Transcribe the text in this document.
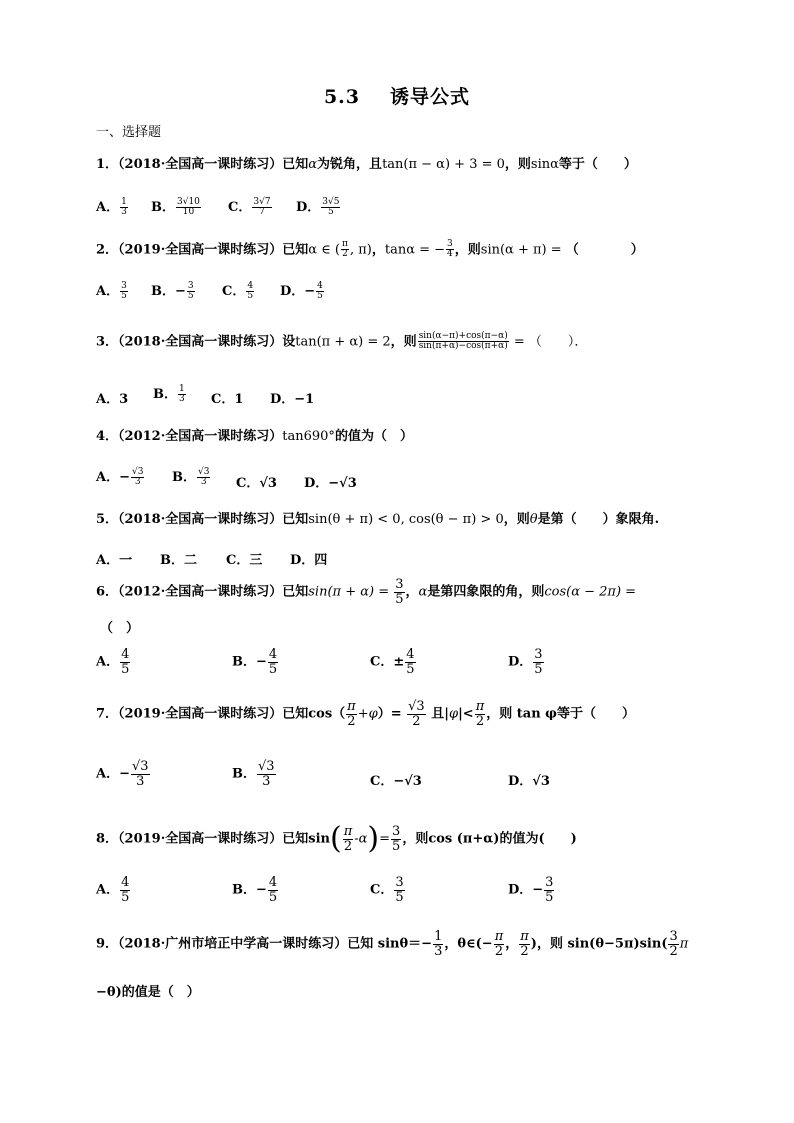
5.3 诱导公式
一、选择题
1．（2018·全国高一课时练习）已知α为锐角，且tan(π − α) + 3 = 0，则sinα等于（　　）
A． $\frac{1}{3}$ B． $\frac{3√10}{10}$ C． $\frac{3√7}{7}$ D． $\frac{3√5}{5}$
2．（2019·全国高一课时练习）已知α ∈ ( $\frac{\pi}{2}$ , π)，tanα = − $\frac{3}{4}$ ，则sin(α + π) = （　　　　）
A． $\frac{3}{5}$ B．− $\frac{3}{5}$ C． $\frac{4}{5}$ D．− $\frac{4}{5}$
3．（2018·全国高一课时练习）设tan(π + α) = 2，则 $\frac{\sin(\alpha-\pi)+\cos(\pi-\alpha)}{\sin(\pi+\alpha)-\cos(\pi+\alpha)}$ = （　　）．
A．3 B． $\frac{1}{3}$ C．1 D．−1
4．（2012·全国高一课时练习）tan690°的值为（　）
A．− $\frac{√3}{3}$ B． $\frac{√3}{3}$ C．√3 D．−√3
5．（2018·全国高一课时练习）已知sin(θ + π) < 0, cos(θ − π) > 0，则θ是第（　　）象限角.
A．一 B．二 C．三 D．四
6．（2012·全国高一课时练习）已知$\sin(\pi + \alpha) = \frac{3}{5}$ ，α是第四象限的角，则cos(α − 2π) =
（　）
A． $\frac{4}{5}$	B．− $\frac{4}{5}$	C．± $\frac{4}{5}$	D． $\frac{3}{5}$
7．（2019·全国高一课时练习）已知$\cos( \frac{\pi}{2} +\varphi)= \frac{√3}{2}$ 且$|\varphi|< \frac{\pi}{2}$ ，则 tan φ等于（　　）
A．− $\frac{√3}{3}$	B． $\frac{√3}{3}$	C．−√3	D．√3
8．（2019·全国高一课时练习）已知$\sin( \frac{\pi}{2} -\alpha)= \frac{3}{5}$ ，则cos (π+α)的值为(　　)
A． $\frac{4}{5}$	B．− $\frac{4}{5}$	C． $\frac{3}{5}$	D．− $\frac{3}{5}$
9．（2018·广州市培正中学高一课时练习）已知 $\sin\theta=- \frac{1}{3}$ ，θ∈(− $\frac{\pi}{2}$ ， $\frac{\pi}{2}$ )，则 $\sin(\theta-5\pi)\sin( \frac{3}{2}$ π
−θ)的值是（　）
